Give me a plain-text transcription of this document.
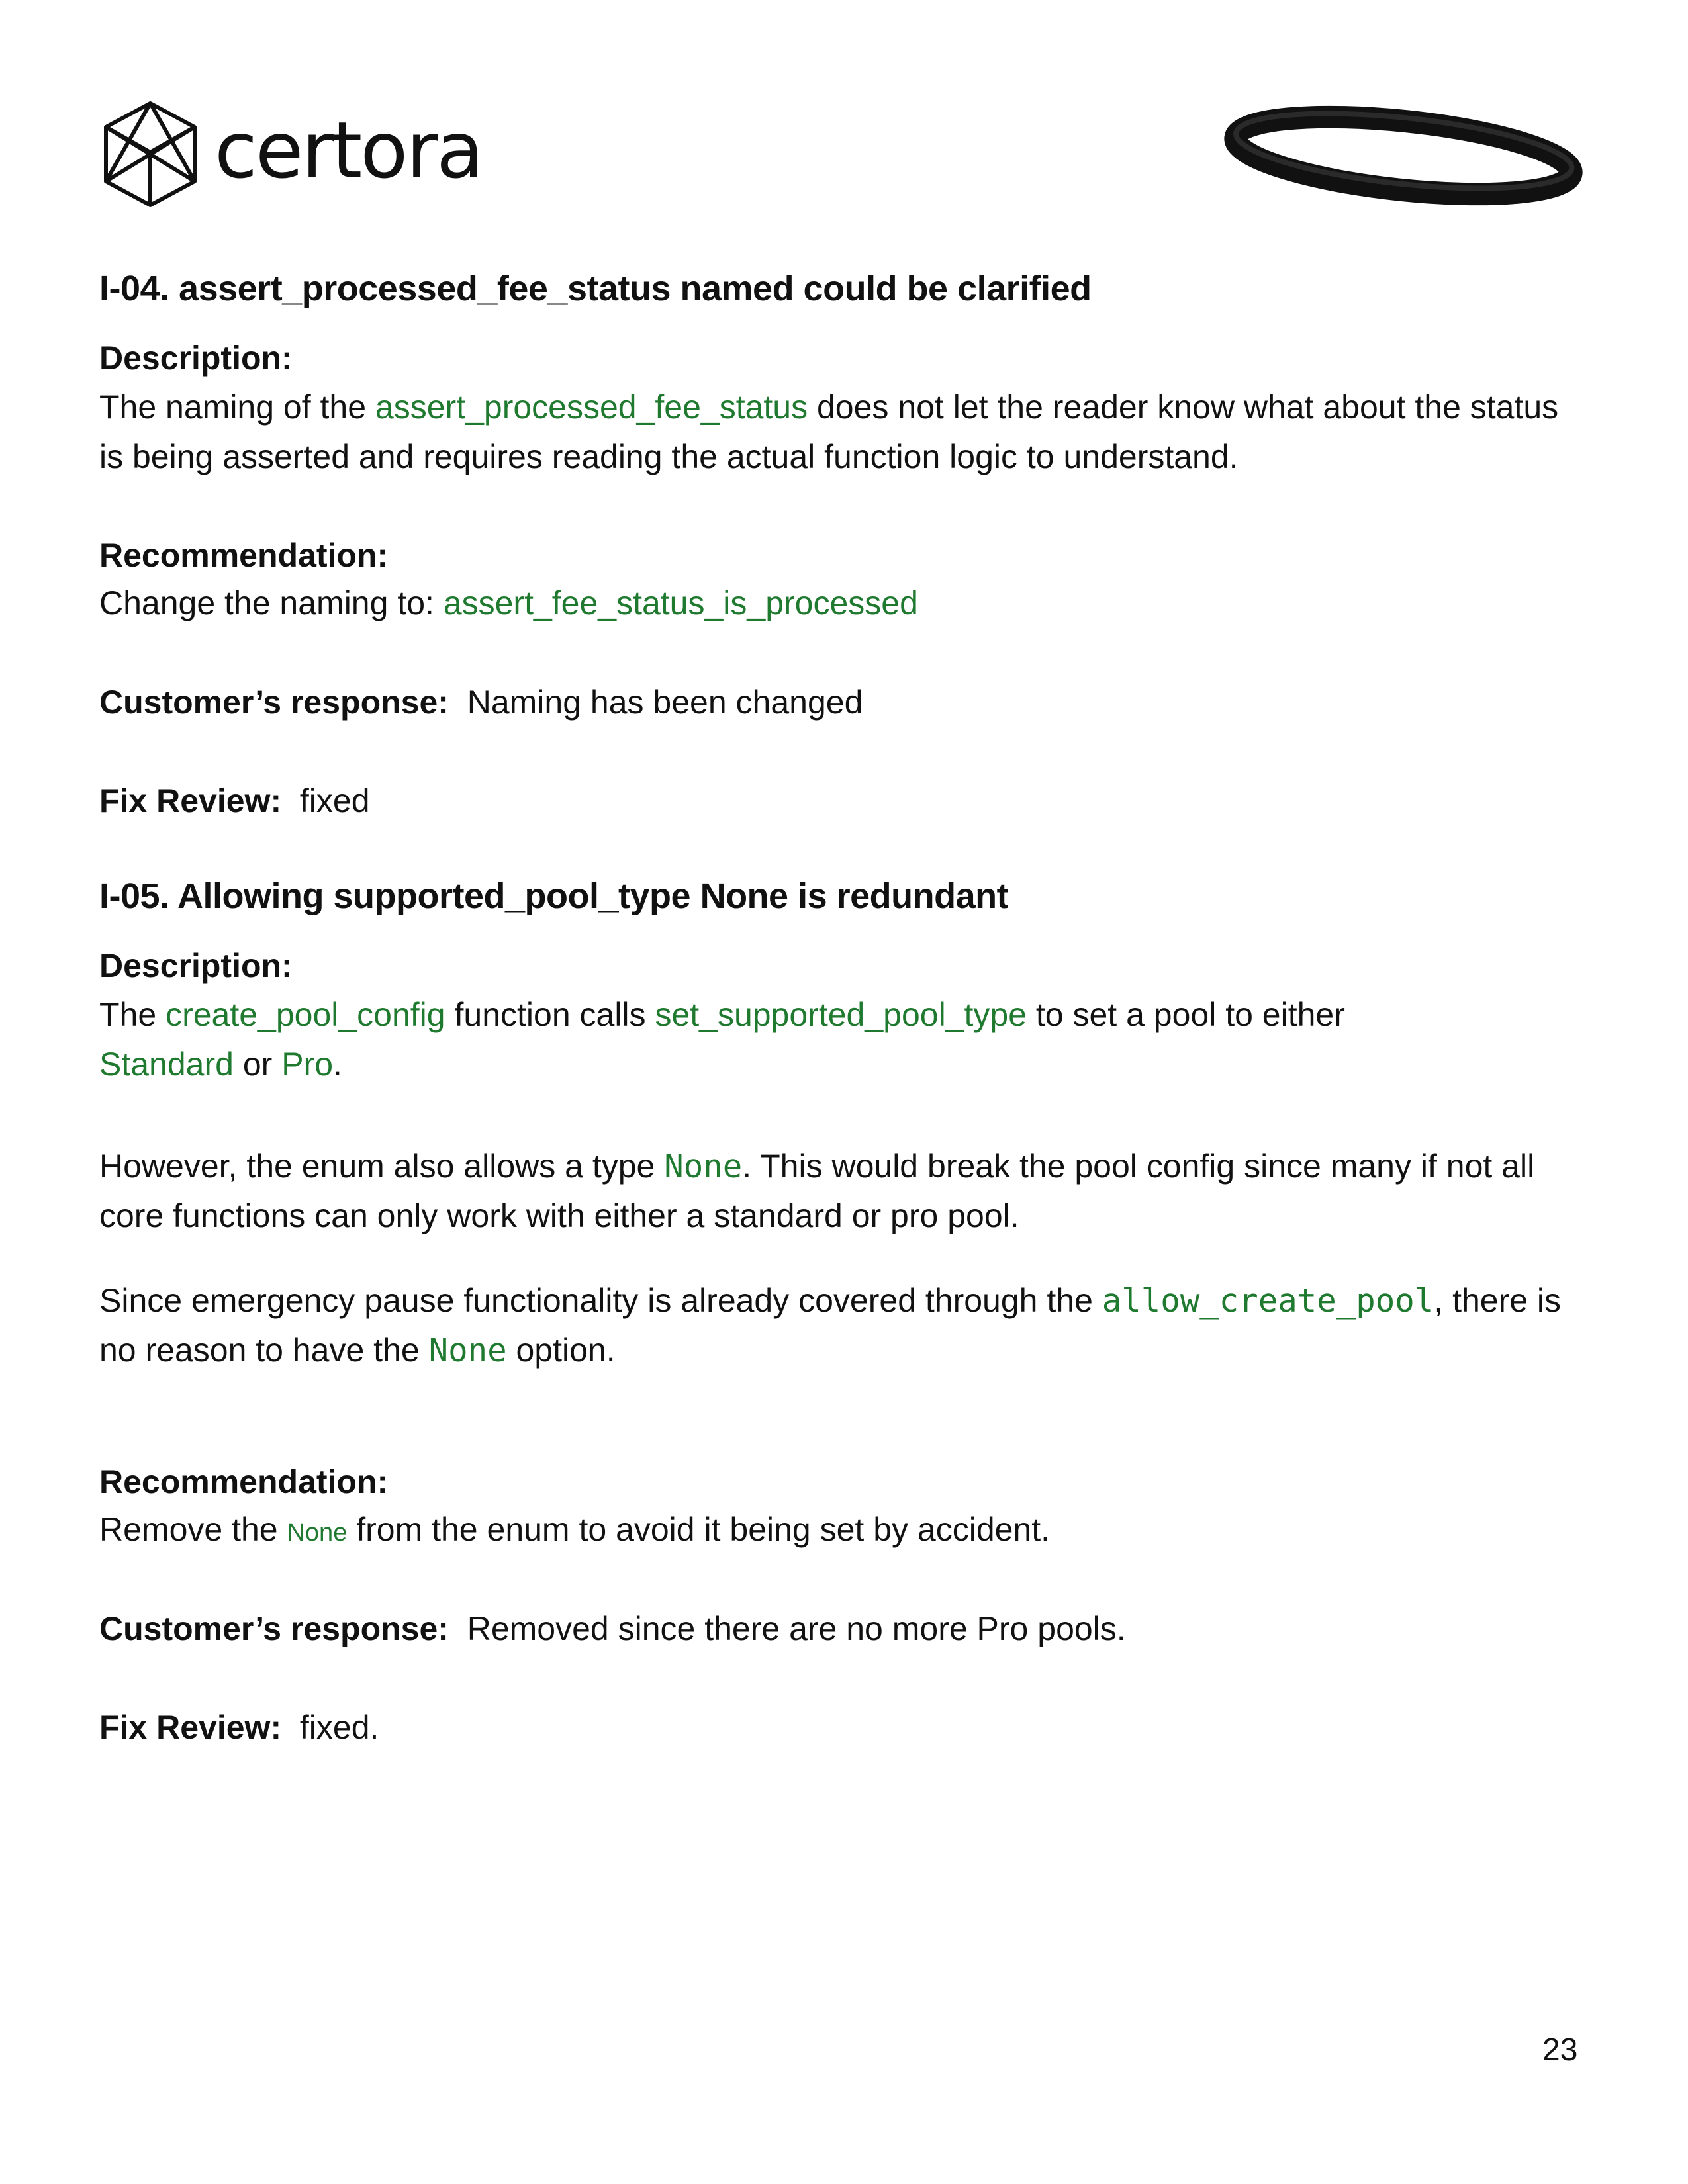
certora
I-04. assert_processed_fee_status named could be clarified
Description:

The naming of the assert_processed_fee_status does not let the reader know what about the status is being asserted and requires reading the actual function logic to understand.

Recommendation:
Change the naming to: assert_fee_status_is_processed
Customer’s response: Naming has been changed
Fix Review: fixed
I-05. Allowing supported_pool_type None is redundant
Description:

The create_pool_config function calls set_supported_pool_type to set a pool to either
Standard or Pro.

However, the enum also allows a type None. This would break the pool config since many if not all core functions can only work with either a standard or pro pool.

Since emergency pause functionality is already covered through the allow_create_pool, there is no reason to have the None option.

Recommendation:
Remove the None from the enum to avoid it being set by accident.
Customer’s response: Removed since there are no more Pro pools.
Fix Review: fixed.
23
